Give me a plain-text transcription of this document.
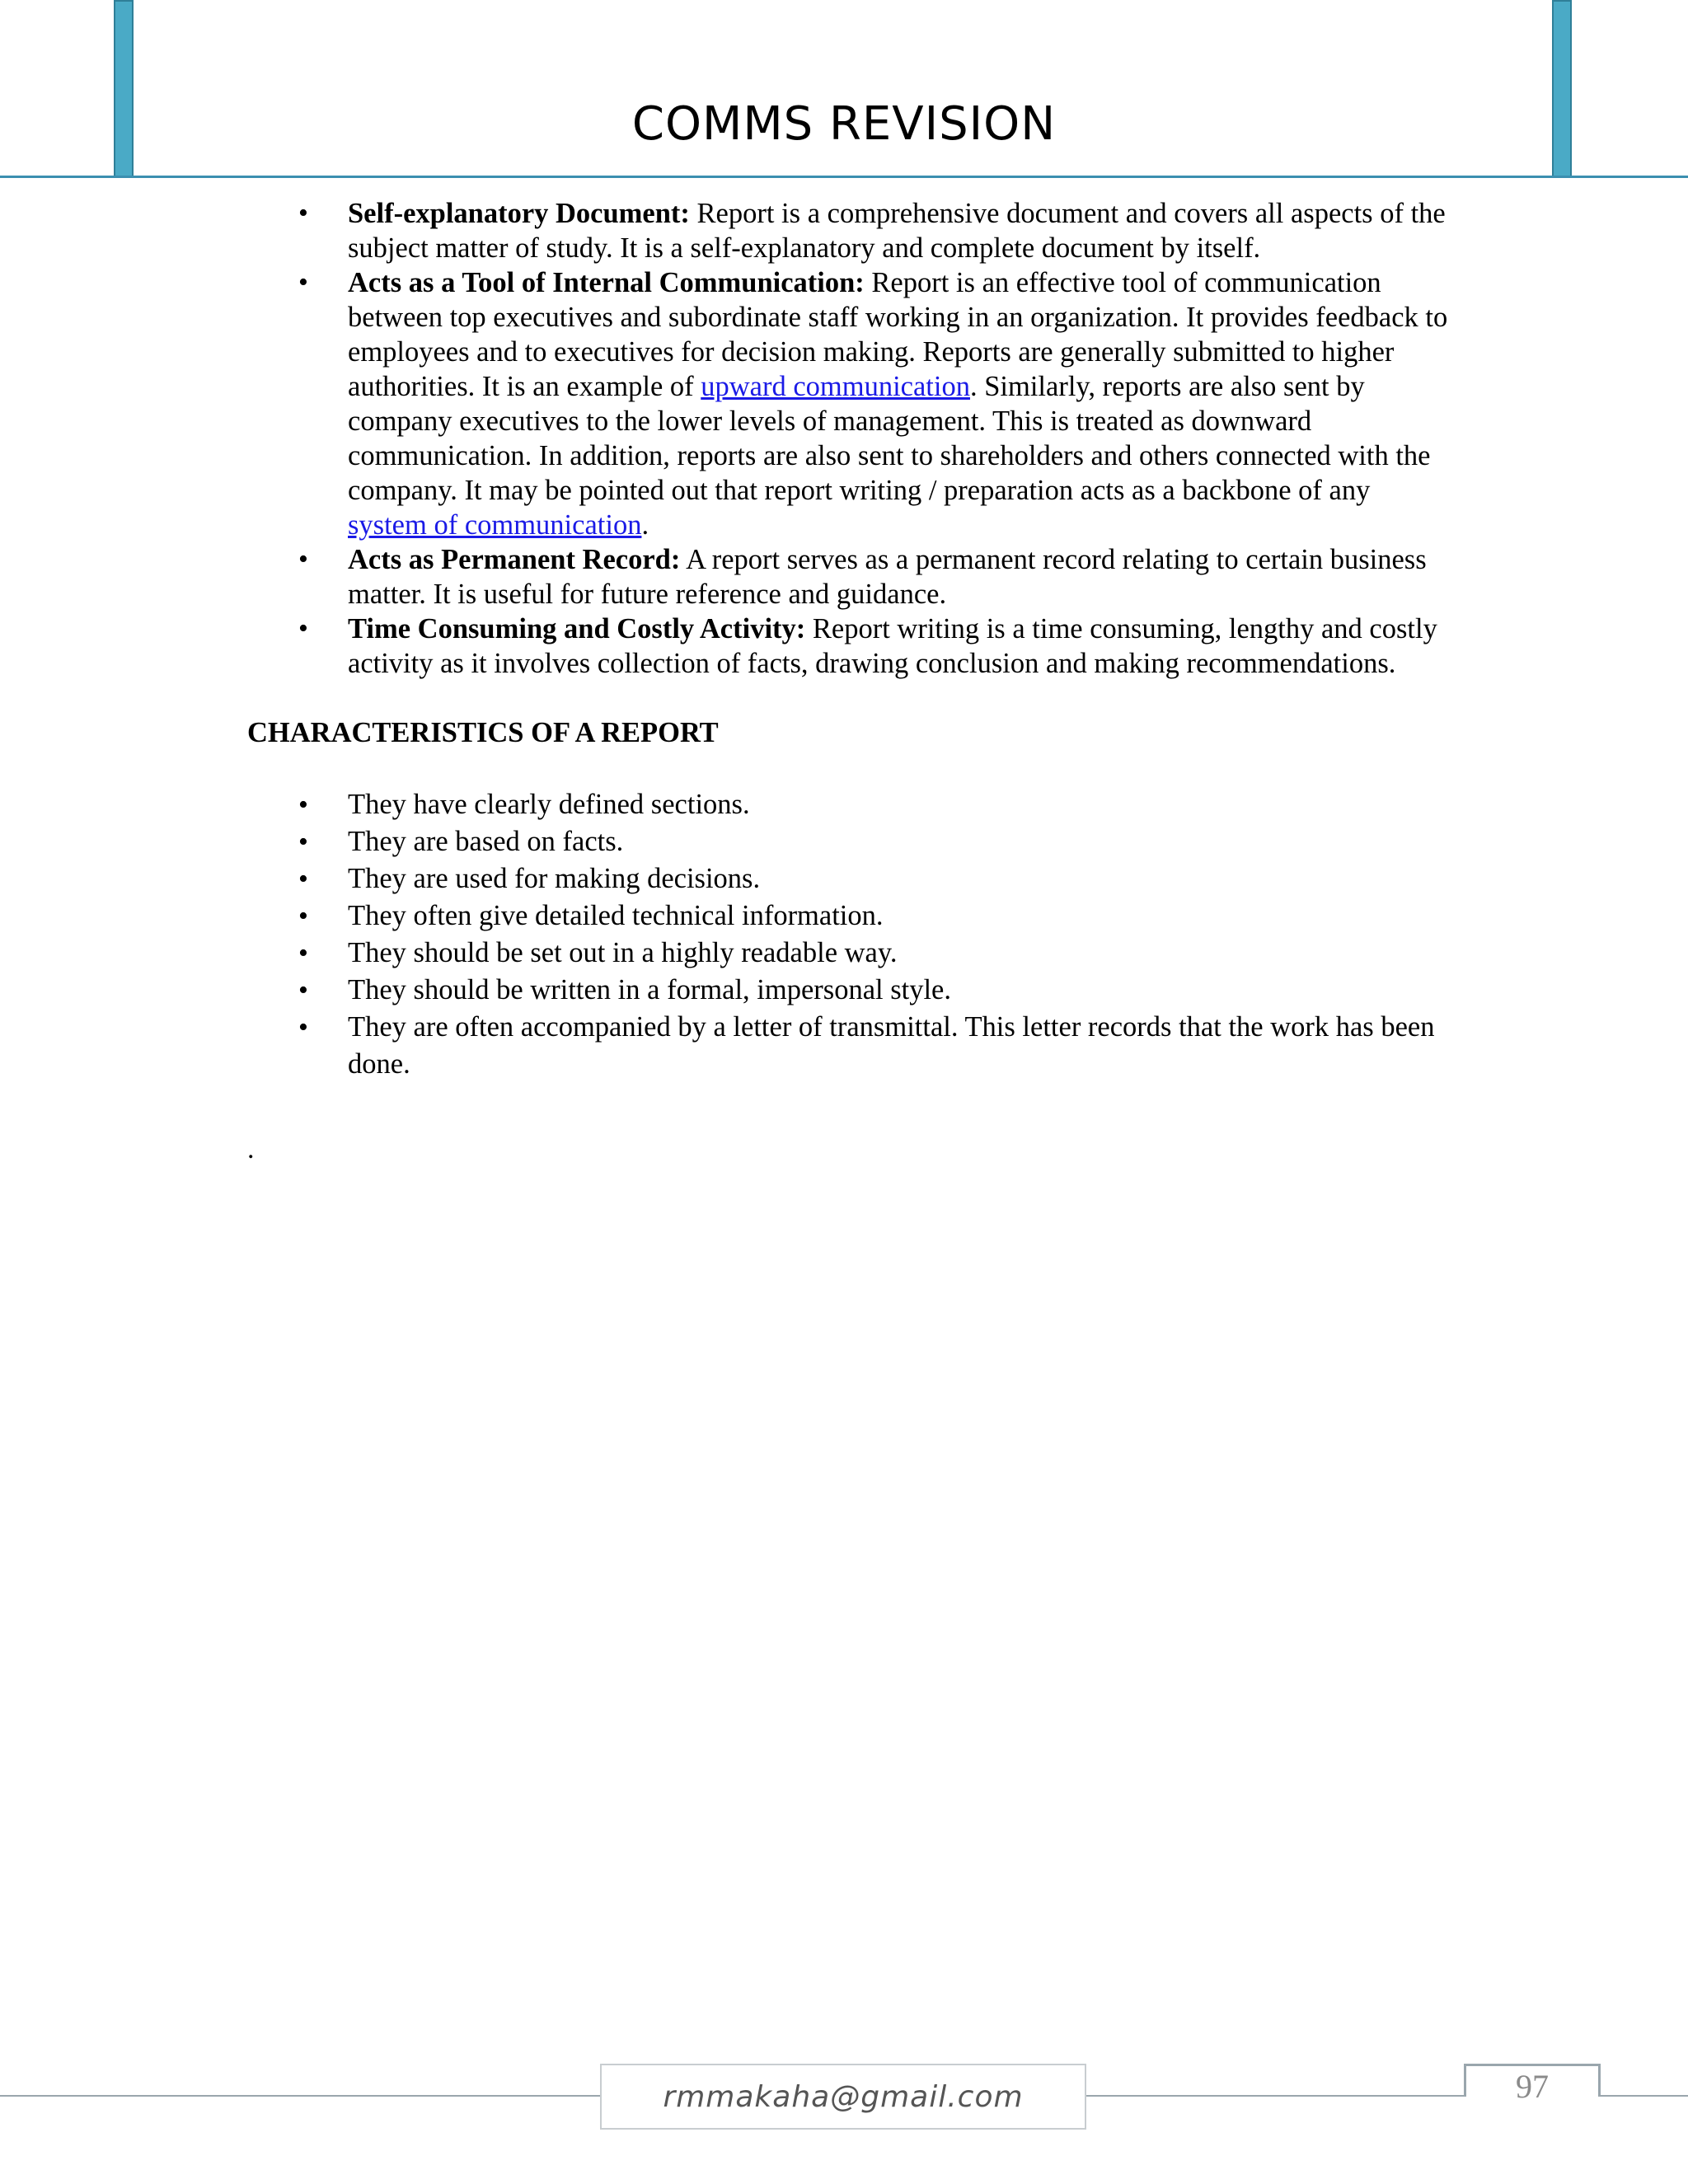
COMMS REVISION
• Self-explanatory Document: Report is a comprehensive document and covers all aspects of the subject matter of study. It is a self-explanatory and complete document by itself.
• Acts as a Tool of Internal Communication: Report is an effective tool of communication between top executives and subordinate staff working in an organization. It provides feedback to employees and to executives for decision making. Reports are generally submitted to higher authorities. It is an example of upward communication. Similarly, reports are also sent by company executives to the lower levels of management. This is treated as downward communication. In addition, reports are also sent to shareholders and others connected with the company. It may be pointed out that report writing / preparation acts as a backbone of any system of communication.
• Acts as Permanent Record: A report serves as a permanent record relating to certain business matter. It is useful for future reference and guidance.
• Time Consuming and Costly Activity: Report writing is a time consuming, lengthy and costly activity as it involves collection of facts, drawing conclusion and making recommendations.
CHARACTERISTICS OF A REPORT
• They have clearly defined sections.
• They are based on facts.
• They are used for making decisions.
• They often give detailed technical information.
• They should be set out in a highly readable way.
• They should be written in a formal, impersonal style.
• They are often accompanied by a letter of transmittal. This letter records that the work has been done.
.
rmmakaha@gmail.com	97
